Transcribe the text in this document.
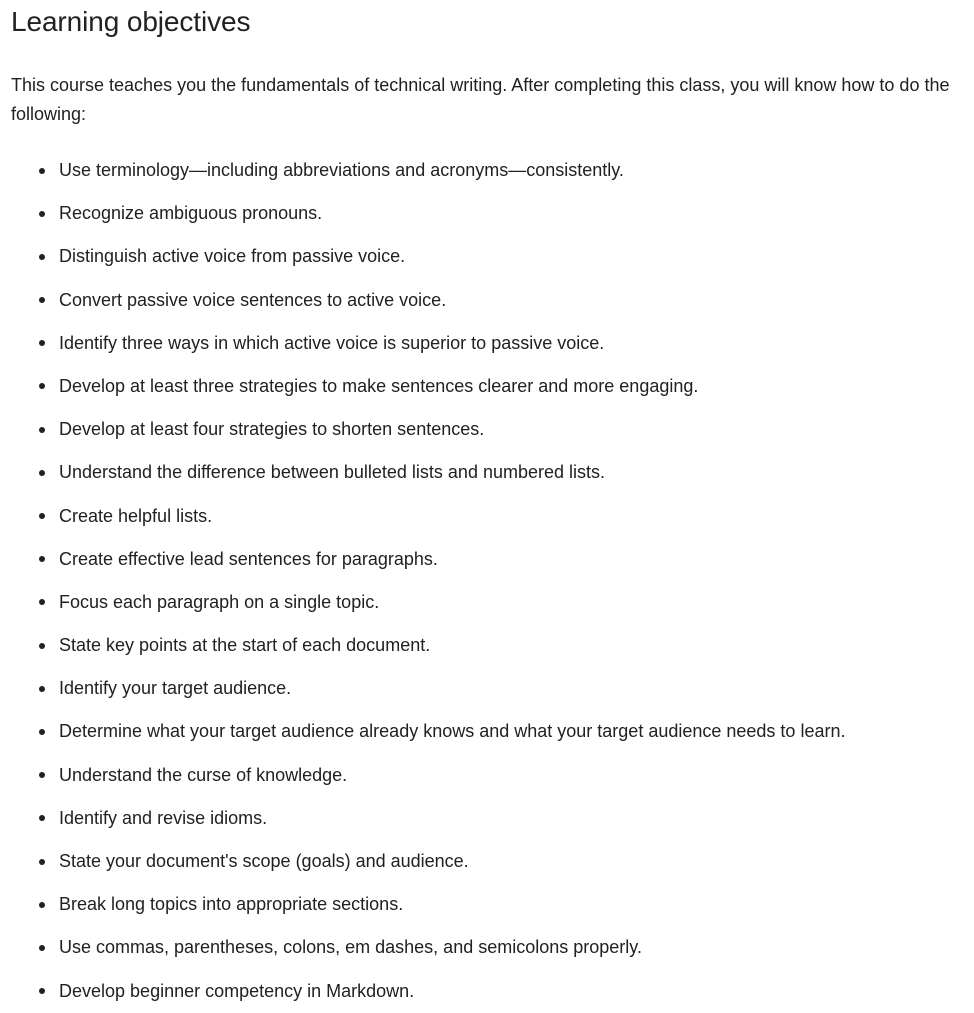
Learning objectives

This course teaches you the fundamentals of technical writing. After completing this class, you will know how to do the following:

Use terminology—including abbreviations and acronyms—consistently.
Recognize ambiguous pronouns.
Distinguish active voice from passive voice.
Convert passive voice sentences to active voice.
Identify three ways in which active voice is superior to passive voice.
Develop at least three strategies to make sentences clearer and more engaging.
Develop at least four strategies to shorten sentences.
Understand the difference between bulleted lists and numbered lists.
Create helpful lists.
Create effective lead sentences for paragraphs.
Focus each paragraph on a single topic.
State key points at the start of each document.
Identify your target audience.
Determine what your target audience already knows and what your target audience needs to learn.
Understand the curse of knowledge.
Identify and revise idioms.
State your document's scope (goals) and audience.
Break long topics into appropriate sections.
Use commas, parentheses, colons, em dashes, and semicolons properly.
Develop beginner competency in Markdown.
